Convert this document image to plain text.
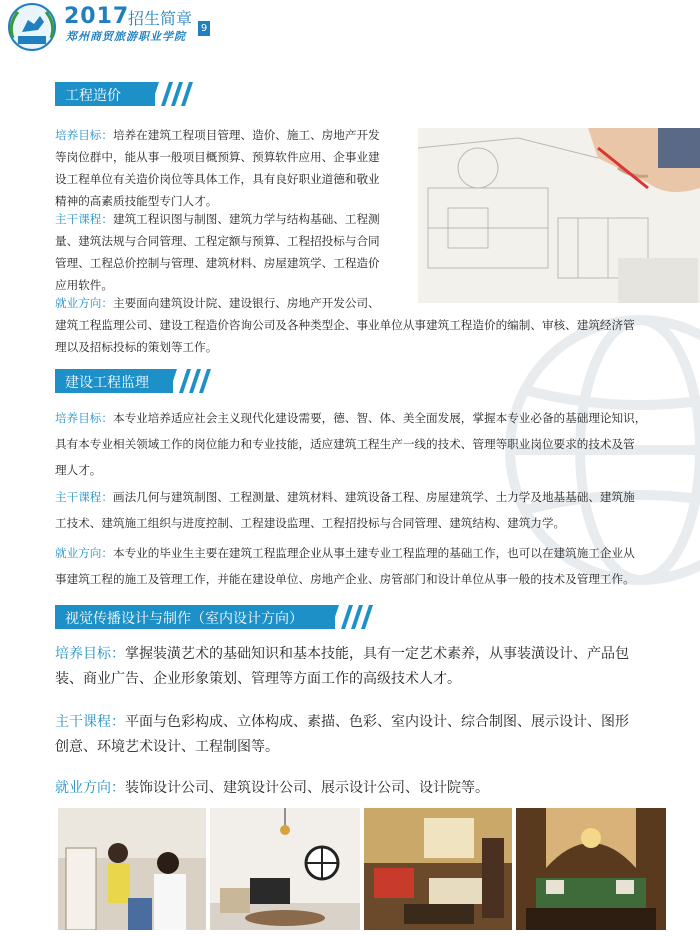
2017
招生简章
9
郑州商贸旅游职业学院
工程造价
培养目标：培养在建筑工程项目管理、造价、施工、房地产开发
等岗位群中，能从事一般项目概预算、预算软件应用、企事业建
设工程单位有关造价岗位等具体工作，具有良好职业道德和敬业
精神的高素质技能型专门人才。
主干课程：建筑工程识图与制图、建筑力学与结构基础、工程测
量、建筑法规与合同管理、工程定额与预算、工程招投标与合同
管理、工程总价控制与管理、建筑材料、房屋建筑学、工程造价
应用软件。
就业方向：主要面向建筑设计院、建设银行、房地产开发公司、
建筑工程监理公司、建设工程造价咨询公司及各种类型企、事业单位从事建筑工程造价的编制、审核、建筑经济管
理以及招标投标的策划等工作。
建设工程监理
培养目标：本专业培养适应社会主义现代化建设需要，德、智、体、美全面发展，掌握本专业必备的基础理论知识，
具有本专业相关领域工作的岗位能力和专业技能，适应建筑工程生产一线的技术、管理等职业岗位要求的技术及管
理人才。
主干课程：画法几何与建筑制图、工程测量、建筑材料、建筑设备工程、房屋建筑学、土力学及地基基础、建筑施
工技术、建筑施工组织与进度控制、工程建设监理、工程招投标与合同管理、建筑结构、建筑力学。
就业方向：本专业的毕业生主要在建筑工程监理企业从事土建专业工程监理的基础工作，也可以在建筑施工企业从
事建筑工程的施工及管理工作，并能在建设单位、房地产企业、房管部门和设计单位从事一般的技术及管理工作。
视觉传播设计与制作（室内设计方向）
培养目标：掌握装潢艺术的基础知识和基本技能，具有一定艺术素养，从事装潢设计、产品包
装、商业广告、企业形象策划、管理等方面工作的高级技术人才。
主干课程：平面与色彩构成、立体构成、素描、色彩、室内设计、综合制图、展示设计、图形
创意、环境艺术设计、工程制图等。
就业方向：装饰设计公司、建筑设计公司、展示设计公司、设计院等。
